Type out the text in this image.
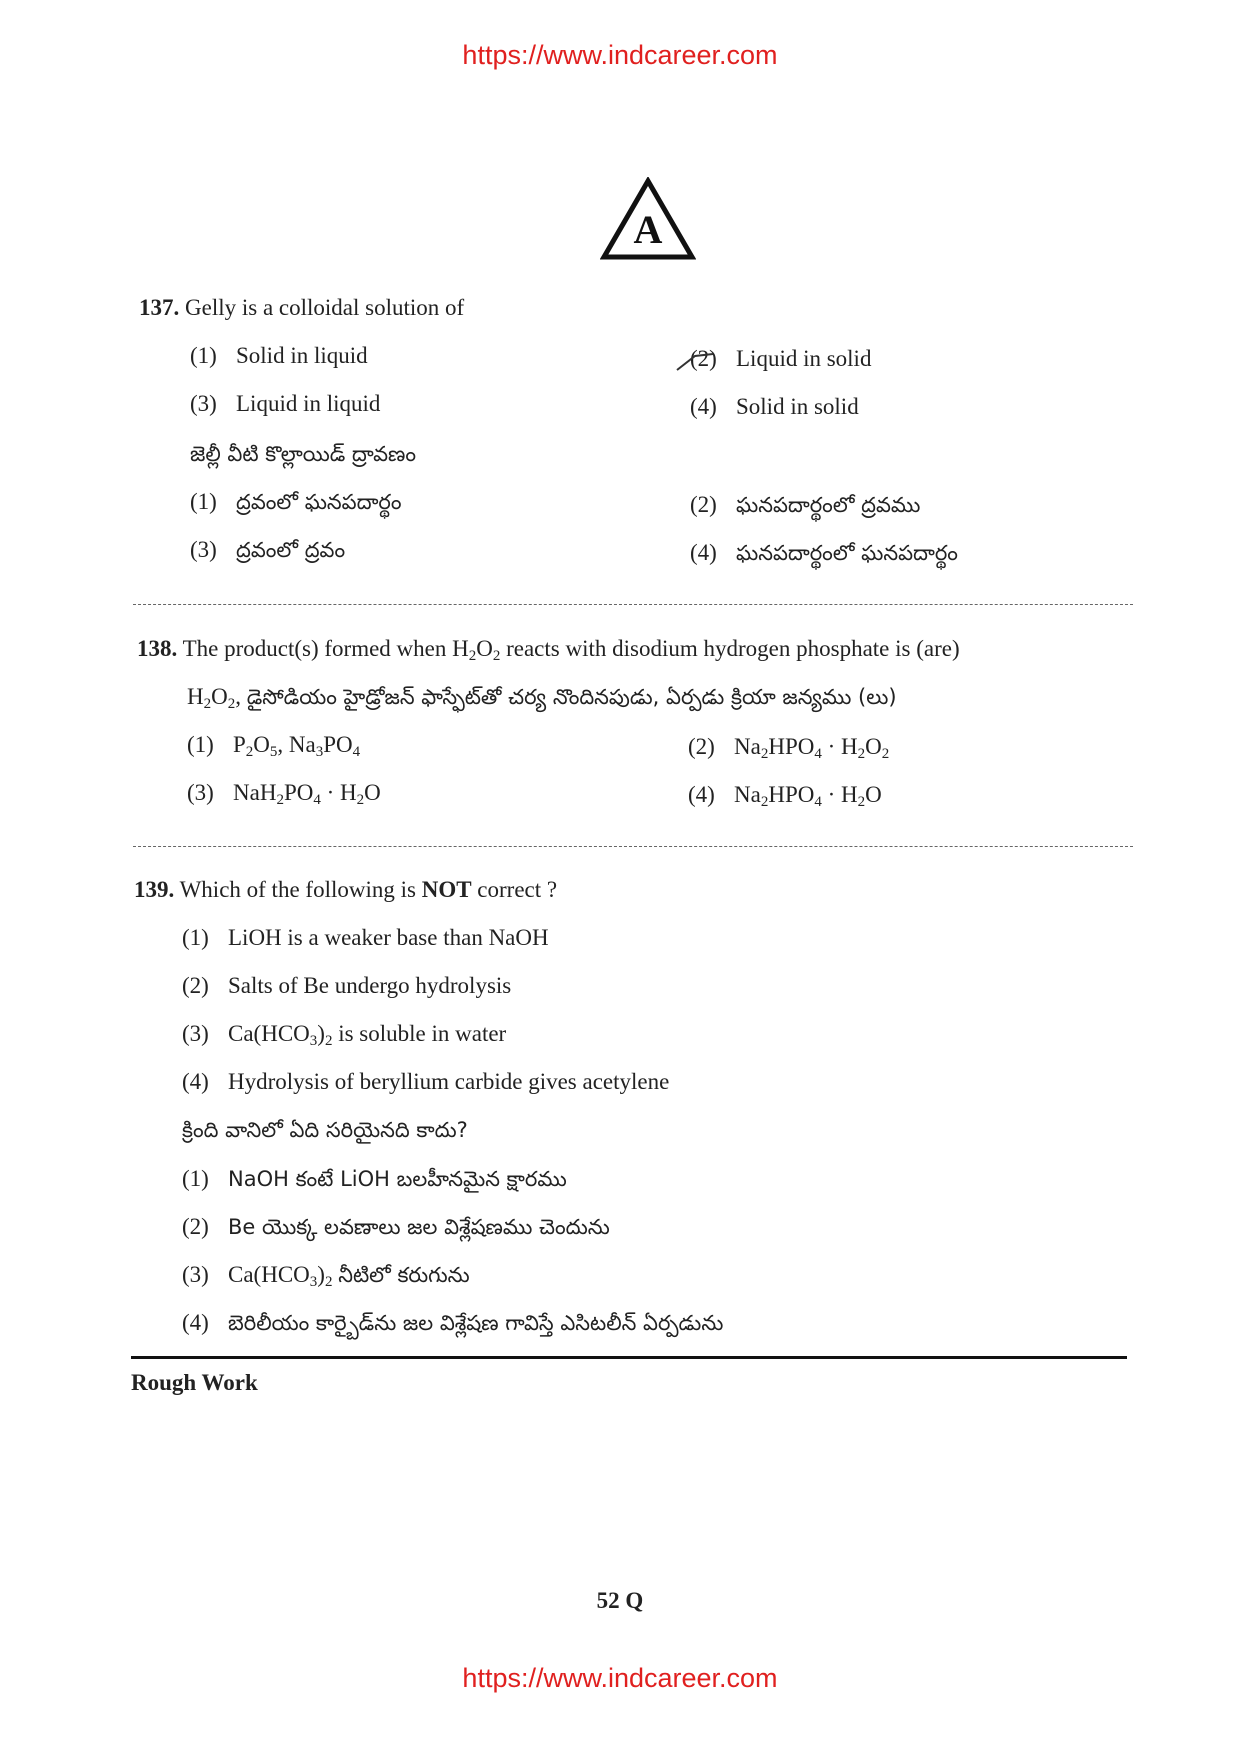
https://www.indcareer.com
A
137. Gelly is a colloidal solution of
(1) Solid in liquid	(2) Liquid in solid
(3) Liquid in liquid	(4) Solid in solid
జెల్లీ వీటి కొల్లాయిడ్ ద్రావణం
(1) ద్రవంలో ఘనపదార్థం	(2) ఘనపదార్థంలో ద్రవము
(3) ద్రవంలో ద్రవం	(4) ఘనపదార్థంలో ఘనపదార్థం
138. The product(s) formed when $H_2O_2$ reacts with disodium hydrogen phosphate is (are)
$H_2O_2$, డైసోడియం హైడ్రోజన్ ఫాస్ఫేట్‌తో చర్య నొందినపుడు, ఏర్పడు క్రియా జన్యము (లు)
(1) $P_2O_5$, $Na_3PO_4$	(2) $Na_2HPO_4 \cdot H_2O_2$
(3) $NaH_2PO_4 \cdot H_2O$	(4) $Na_2HPO_4 \cdot H_2O$
139. Which of the following is NOT correct ?
(1) LiOH is a weaker base than NaOH
(2) Salts of Be undergo hydrolysis
(3) $Ca(HCO_3)_2$ is soluble in water
(4) Hydrolysis of beryllium carbide gives acetylene
క్రింది వానిలో ఏది సరియైనది కాదు?
(1) NaOH కంటే LiOH బలహీనమైన క్షారము
(2) Be యొక్క లవణాలు జల విశ్లేషణము చెందును
(3) $Ca(HCO_3)_2$ నీటిలో కరుగును
(4) బెరిలీయం కార్బైడ్‌ను జల విశ్లేషణ గావిస్తే ఎసిటలీన్ ఏర్పడును
Rough Work
52 Q
https://www.indcareer.com
